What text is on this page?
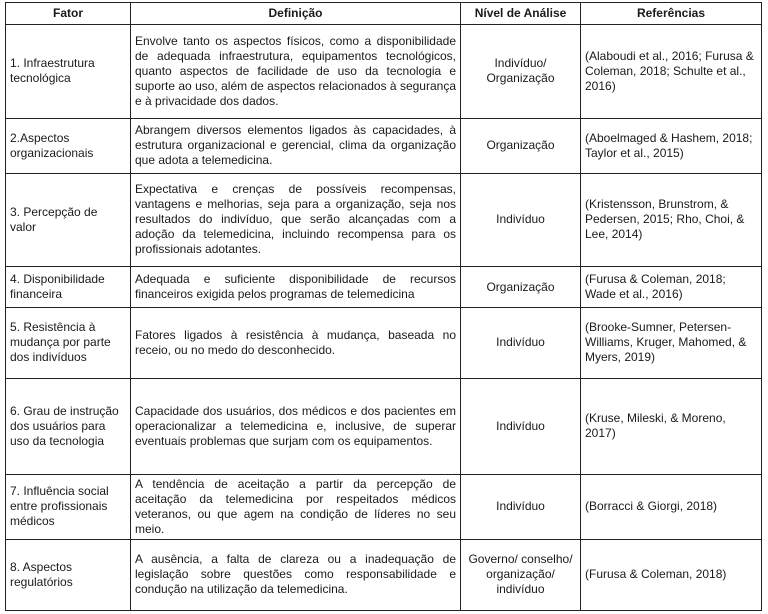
Fator	Definição	Nível de Análise	Referências
1. Infraestrutura tecnológica	Envolve tanto os aspectos físicos, como a disponibilidade de adequada infraestrutura, equipamentos tecnológicos, quanto aspectos de facilidade de uso da tecnologia e suporte ao uso, além de aspectos relacionados à segurança e à privacidade dos dados.	Indivíduo/ Organização	(Alaboudi et al., 2016; Furusa & Coleman, 2018; Schulte et al., 2016)
2.Aspectos organizacionais	Abrangem diversos elementos ligados às capacidades, à estrutura organizacional e gerencial, clima da organização que adota a telemedicina.	Organização	(Aboelmaged & Hashem, 2018; Taylor et al., 2015)
3. Percepção de valor	Expectativa e crenças de possíveis recompensas, vantagens e melhorias, seja para a organização, seja nos resultados do indivíduo, que serão alcançadas com a adoção da telemedicina, incluindo recompensa para os profissionais adotantes.	Indivíduo	(Kristensson, Brunstrom, & Pedersen, 2015; Rho, Choi, & Lee, 2014)
4. Disponibilidade financeira	Adequada e suficiente disponibilidade de recursos financeiros exigida pelos programas de telemedicina	Organização	(Furusa & Coleman, 2018; Wade et al., 2016)
5. Resistência à mudança por parte dos indivíduos	Fatores ligados à resistência à mudança, baseada no receio, ou no medo do desconhecido.	Indivíduo	(Brooke-Sumner, Petersen-Williams, Kruger, Mahomed, & Myers, 2019)
6. Grau de instrução dos usuários para uso da tecnologia	Capacidade dos usuários, dos médicos e dos pacientes em operacionalizar a telemedicina e, inclusive, de superar eventuais problemas que surjam com os equipamentos.	Indivíduo	(Kruse, Mileski, & Moreno, 2017)
7. Influência social entre profissionais médicos	A tendência de aceitação a partir da percepção de aceitação da telemedicina por respeitados médicos veteranos, ou que agem na condição de líderes no seu meio.	Indivíduo	(Borracci & Giorgi, 2018)
8. Aspectos regulatórios	A ausência, a falta de clareza ou a inadequação de legislação sobre questões como responsabilidade e condução na utilização da telemedicina.	Governo/ conselho/ organização/ indivíduo	(Furusa & Coleman, 2018)
